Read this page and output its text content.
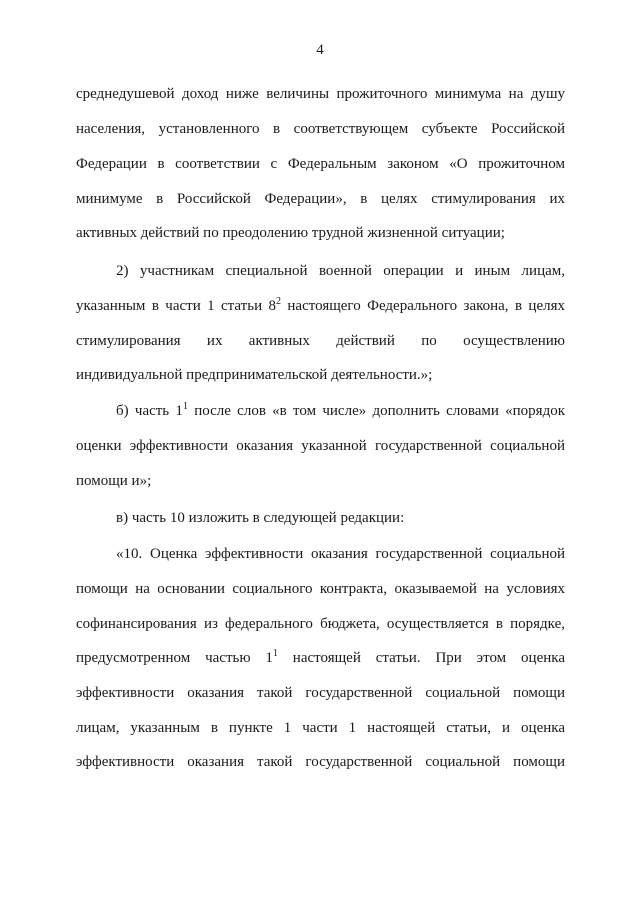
4
среднедушевой доход ниже величины прожиточного минимума на душу
населения, установленного в соответствующем субъекте Российской
Федерации в соответствии с Федеральным законом «О прожиточном
минимуме в Российской Федерации», в целях стимулирования их
активных действий по преодолению трудной жизненной ситуации;
2) участникам специальной военной операции и иным лицам,
указанным в части 1 статьи $8^2$ настоящего Федерального закона, в целях
стимулирования их активных действий по осуществлению
индивидуальной предпринимательской деятельности.»;
б) часть $1^1$ после слов «в том числе» дополнить словами «порядок
оценки эффективности оказания указанной государственной социальной
помощи и»;
в) часть 10 изложить в следующей редакции:
«10. Оценка эффективности оказания государственной социальной
помощи на основании социального контракта, оказываемой на условиях
софинансирования из федерального бюджета, осуществляется в порядке,
предусмотренном частью $1^1$ настоящей статьи. При этом оценка
эффективности оказания такой государственной социальной помощи
лицам, указанным в пункте 1 части 1 настоящей статьи, и оценка
эффективности оказания такой государственной социальной помощи
